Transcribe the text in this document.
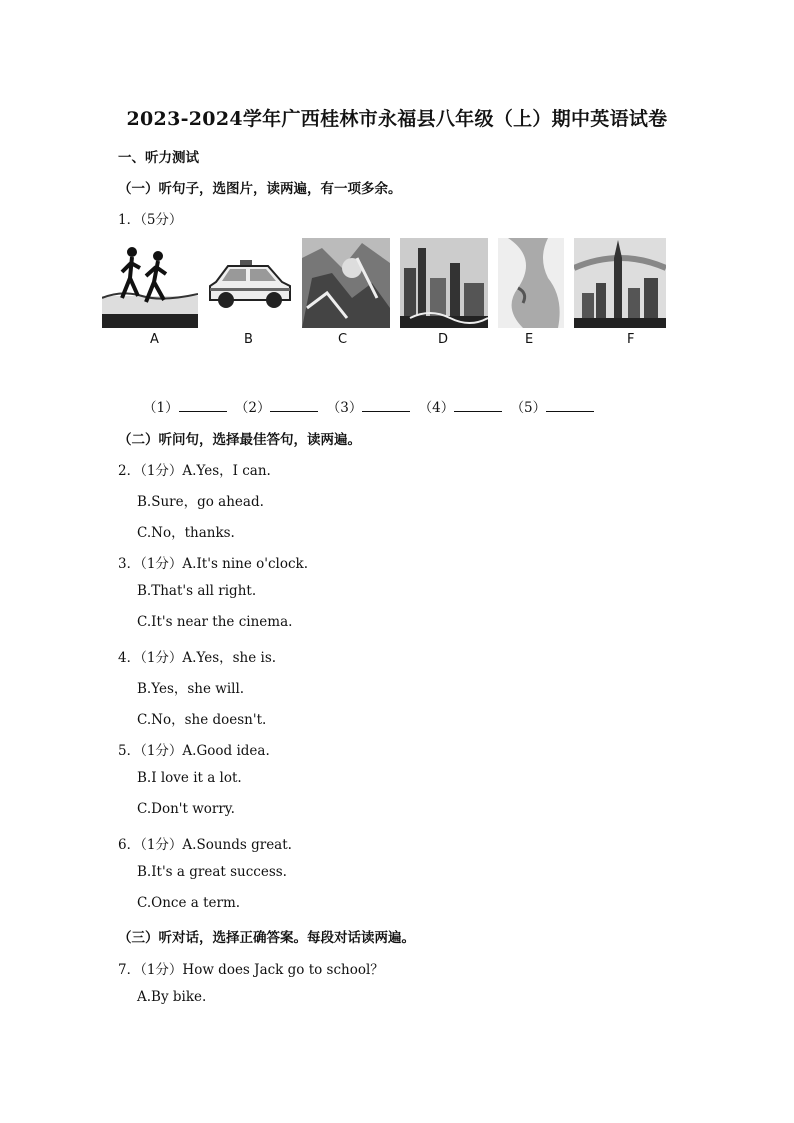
2023-2024学年广西桂林市永福县八年级（上）期中英语试卷
一、听力测试
（一）听句子，选图片，读两遍，有一项多余。
1．（5分）
A	B	C	D	E	F
（1）	（2）	（3）	（4）	（5）
（二）听问句，选择最佳答句，读两遍。
2．（1分）A.Yes，I can.
B.Sure，go ahead.
C.No，thanks.
3．（1分）A.It's nine o'clock.
B.That's all right.
C.It's near the cinema.
4．（1分）A.Yes，she is.
B.Yes，she will.
C.No，she doesn't.
5．（1分）A.Good idea.
B.I love it a lot.
C.Don't worry.
6．（1分）A.Sounds great.
B.It's a great success.
C.Once a term.
（三）听对话，选择正确答案。每段对话读两遍。
7．（1分）How does Jack go to school？
A.By bike.
